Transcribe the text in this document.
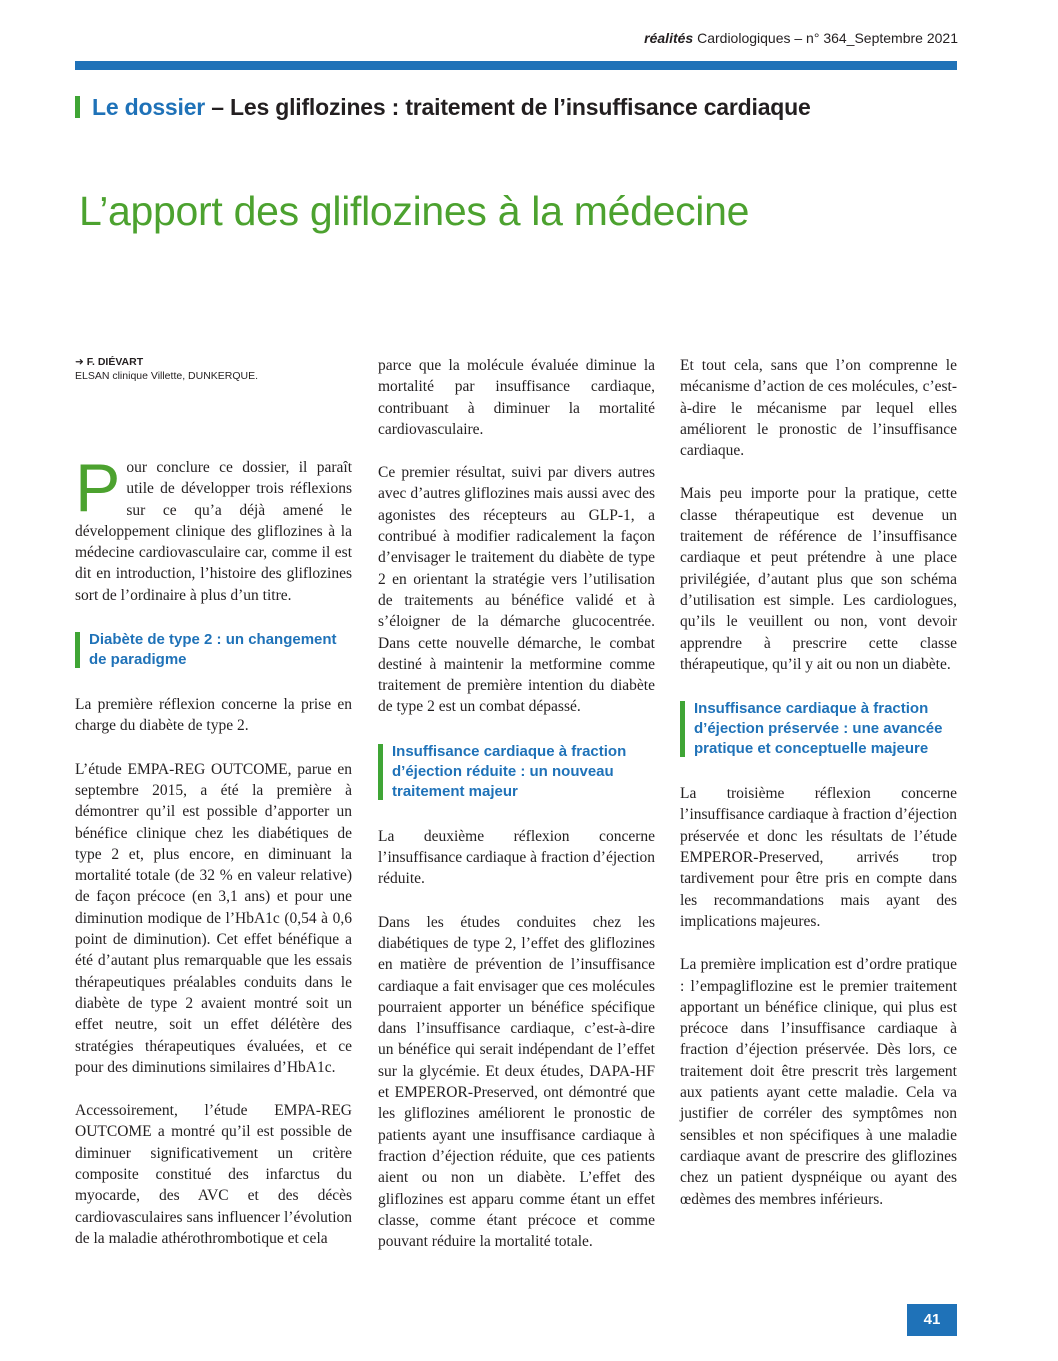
réalités Cardiologiques – n° 364_Septembre 2021
Le dossier – Les gliflozines : traitement de l’insuffisance cardiaque
L’apport des gliflozines à la médecine
➜ F. DIÉVART
ELSAN clinique Villette, DUNKERQUE.

Pour conclure ce dossier, il paraît utile de développer trois réflexions sur ce qu’a déjà amené le développement clinique des gliflozines à la médecine cardiovasculaire car, comme il est dit en introduction, l’histoire des gliflozines sort de l’ordinaire à plus d’un titre.

Diabète de type 2 : un changement de paradigme

La première réflexion concerne la prise en charge du diabète de type 2.

L’étude EMPA-REG OUTCOME, parue en septembre 2015, a été la première à démontrer qu’il est possible d’apporter un bénéfice clinique chez les diabétiques de type 2 et, plus encore, en diminuant la mortalité totale (de 32 % en valeur relative) de façon précoce (en 3,1 ans) et pour une diminution modique de l’HbA1c (0,54 à 0,6 point de diminution). Cet effet bénéfique a été d’autant plus remarquable que les essais thérapeutiques préalables conduits dans le diabète de type 2 avaient montré soit un effet neutre, soit un effet délétère des stratégies thérapeutiques évaluées, et ce pour des diminutions similaires d’HbA1c.

Accessoirement, l’étude EMPA-REG OUTCOME a montré qu’il est possible de diminuer significativement un critère composite constitué des infarctus du myocarde, des AVC et des décès cardiovasculaires sans influencer l’évolution de la maladie athérothrombotique et cela

parce que la molécule évaluée diminue la mortalité par insuffisance cardiaque, contribuant à diminuer la mortalité cardiovasculaire.

Ce premier résultat, suivi par divers autres avec d’autres gliflozines mais aussi avec des agonistes des récepteurs au GLP-1, a contribué à modifier radicalement la façon d’envisager le traitement du diabète de type 2 en orientant la stratégie vers l’utilisation de traitements au bénéfice validé et à s’éloigner de la démarche glucocentrée. Dans cette nouvelle démarche, le combat destiné à maintenir la metformine comme traitement de première intention du diabète de type 2 est un combat dépassé.

Insuffisance cardiaque à fraction d’éjection réduite : un nouveau traitement majeur

La deuxième réflexion concerne l’insuffisance cardiaque à fraction d’éjection réduite.

Dans les études conduites chez les diabétiques de type 2, l’effet des gliflozines en matière de prévention de l’insuffisance cardiaque a fait envisager que ces molécules pourraient apporter un bénéfice spécifique dans l’insuffisance cardiaque, c’est-à-dire un bénéfice qui serait indépendant de l’effet sur la glycémie. Et deux études, DAPA-HF et EMPEROR-Preserved, ont démontré que les gliflozines améliorent le pronostic de patients ayant une insuffisance cardiaque à fraction d’éjection réduite, que ces patients aient ou non un diabète. L’effet des gliflozines est apparu comme étant un effet classe, comme étant précoce et comme pouvant réduire la mortalité totale.

Et tout cela, sans que l’on comprenne le mécanisme d’action de ces molécules, c’est-à-dire le mécanisme par lequel elles améliorent le pronostic de l’insuffisance cardiaque.

Mais peu importe pour la pratique, cette classe thérapeutique est devenue un traitement de référence de l’insuffisance cardiaque et peut prétendre à une place privilégiée, d’autant plus que son schéma d’utilisation est simple. Les cardiologues, qu’ils le veuillent ou non, vont devoir apprendre à prescrire cette classe thérapeutique, qu’il y ait ou non un diabète.

Insuffisance cardiaque à fraction d’éjection préservée : une avancée pratique et conceptuelle majeure

La troisième réflexion concerne l’insuffisance cardiaque à fraction d’éjection préservée et donc les résultats de l’étude EMPEROR-Preserved, arrivés trop tardivement pour être pris en compte dans les recommandations mais ayant des implications majeures.

La première implication est d’ordre pratique : l’empagliflozine est le premier traitement apportant un bénéfice clinique, qui plus est précoce dans l’insuffisance cardiaque à fraction d’éjection préservée. Dès lors, ce traitement doit être prescrit très largement aux patients ayant cette maladie. Cela va justifier de corréler des symptômes non sensibles et non spécifiques à une maladie cardiaque avant de prescrire des gliflozines chez un patient dyspnéique ou ayant des œdèmes des membres inférieurs.

41
